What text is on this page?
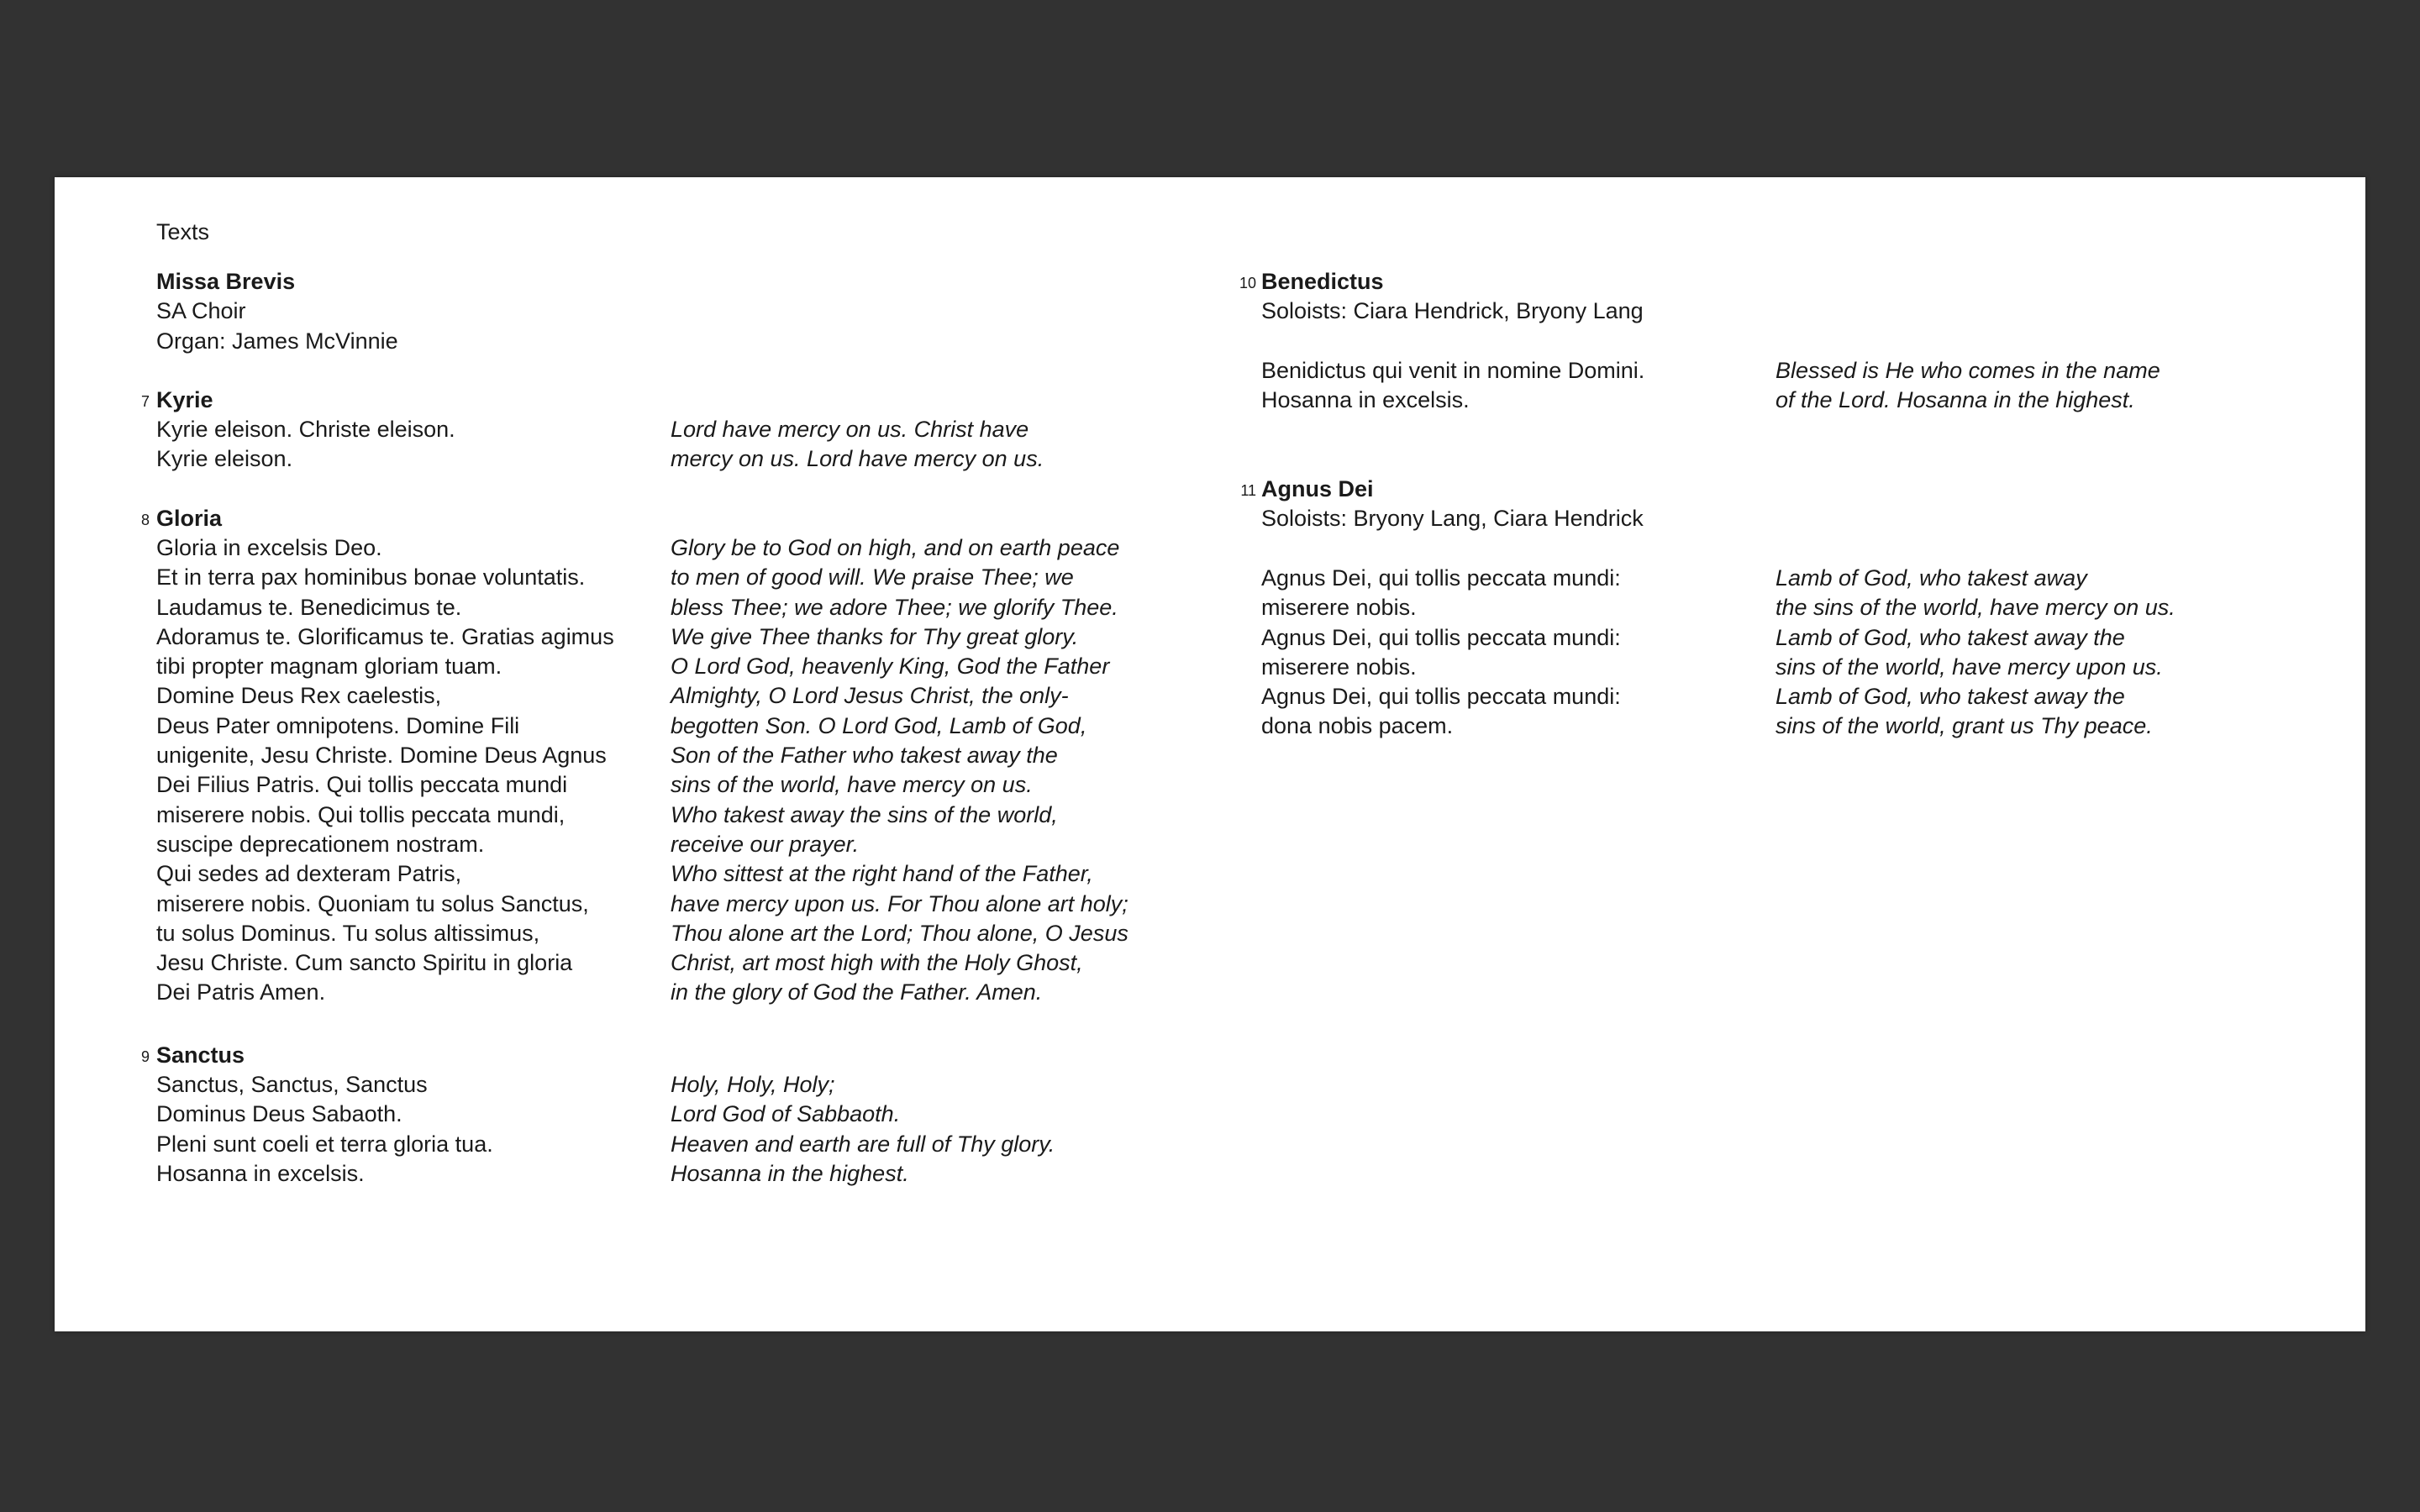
Texts

Missa Brevis

SA Choir

Organ: James McVinnie

7 Kyrie

Kyrie eleison. Christe eleison.
Kyrie eleison.
Lord have mercy on us. Christ have
mercy on us. Lord have mercy on us.

8 Gloria

Gloria in excelsis Deo.
Et in terra pax hominibus bonae voluntatis.
Laudamus te. Benedicimus te.
Adoramus te. Glorificamus te. Gratias agimus
tibi propter magnam gloriam tuam.
Domine Deus Rex caelestis,
Deus Pater omnipotens. Domine Fili
unigenite, Jesu Christe. Domine Deus Agnus
Dei Filius Patris. Qui tollis peccata mundi
miserere nobis. Qui tollis peccata mundi,
suscipe deprecationem nostram.
Qui sedes ad dexteram Patris,
miserere nobis. Quoniam tu solus Sanctus,
tu solus Dominus. Tu solus altissimus,
Jesu Christe. Cum sancto Spiritu in gloria
Dei Patris Amen.
Glory be to God on high, and on earth peace
to men of good will. We praise Thee; we
bless Thee; we adore Thee; we glorify Thee.
We give Thee thanks for Thy great glory.
O Lord God, heavenly King, God the Father
Almighty, O Lord Jesus Christ, the only-
begotten Son. O Lord God, Lamb of God,
Son of the Father who takest away the
sins of the world, have mercy on us.
Who takest away the sins of the world,
receive our prayer.
Who sittest at the right hand of the Father,
have mercy upon us. For Thou alone art holy;
Thou alone art the Lord; Thou alone, O Jesus
Christ, art most high with the Holy Ghost,
in the glory of God the Father. Amen.

9 Sanctus

Sanctus, Sanctus, Sanctus
Dominus Deus Sabaoth.
Pleni sunt coeli et terra gloria tua.
Hosanna in excelsis.
Holy, Holy, Holy;
Lord God of Sabbaoth.
Heaven and earth are full of Thy glory.
Hosanna in the highest.

10 Benedictus

Soloists: Ciara Hendrick, Bryony Lang

Benidictus qui venit in nomine Domini.
Hosanna in excelsis.
Blessed is He who comes in the name
of the Lord. Hosanna in the highest.

11 Agnus Dei

Soloists: Bryony Lang, Ciara Hendrick

Agnus Dei, qui tollis peccata mundi:
miserere nobis.
Agnus Dei, qui tollis peccata mundi:
miserere nobis.
Agnus Dei, qui tollis peccata mundi:
dona nobis pacem.
Lamb of God, who takest away
the sins of the world, have mercy on us.
Lamb of God, who takest away the
sins of the world, have mercy upon us.
Lamb of God, who takest away the
sins of the world, grant us Thy peace.
